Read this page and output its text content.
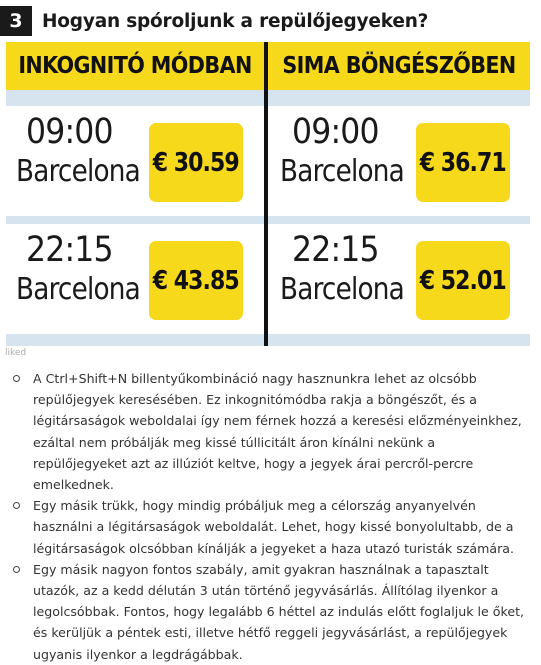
3	Hogyan spóroljunk a repülőjegyeken?
INKOGNITÓ MÓDBAN SIMA BÖNGÉSZŐBEN
09:00
Barcelona € 30.59
22:15
Barcelona € 43.85
09:00
Barcelona € 36.71
22:15
Barcelona € 52.01
liked
A Ctrl+Shift+N billentyűkombináció nagy hasznunkra lehet az olcsóbb repülőjegyek keresésében. Ez inkognitómódba rakja a böngészőt, és a légitársaságok weboldalai így nem férnek hozzá a keresési előzményeinkhez, ezáltal nem próbálják meg kissé túllicitált áron kínálni nekünk a repülőjegyeket azt az illúziót keltve, hogy a jegyek árai percről-percre emelkednek.
Egy másik trükk, hogy mindig próbáljuk meg a célország anyanyelvén használni a légitársaságok weboldalát. Lehet, hogy kissé bonyolultabb, de a légitársaságok olcsóbban kínálják a jegyeket a haza utazó turisták számára.
Egy másik nagyon fontos szabály, amit gyakran használnak a tapasztalt utazók, az a kedd délután 3 után történő jegyvásárlás. Állítólag ilyenkor a legolcsóbbak. Fontos, hogy legalább 6 héttel az indulás előtt foglaljuk le őket, és kerüljük a péntek esti, illetve hétfő reggeli jegyvásárlást, a repülőjegyek ugyanis ilyenkor a legdrágábbak.
